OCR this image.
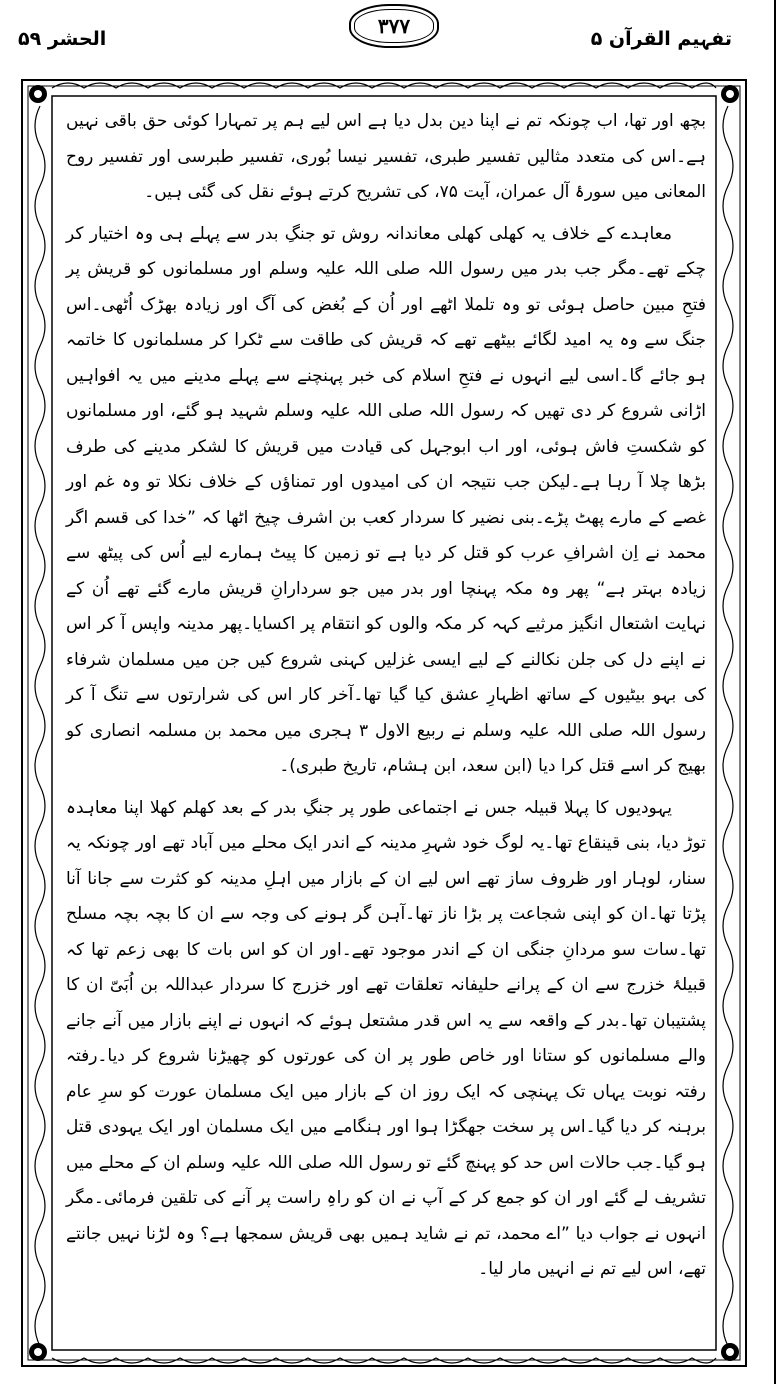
الحشر ۵۹
۳۷۷
تفہیم القرآن ۵

بچھ اور تھا، اب چونکہ تم نے اپنا دین بدل دیا ہے اس لیے ہم پر تمہارا کوئی حق باقی نہیں ہے۔اس کی متعدد مثالیں تفسیر طبری، تفسیر نیسا بُوری، تفسیر طبرسی اور تفسیر روح المعانی میں سورۂ آل عمران، آیت ۷۵، کی تشریح کرتے ہوئے نقل کی گئی ہیں۔

معاہدے کے خلاف یہ کھلی کھلی معاندانہ روش تو جنگِ بدر سے پہلے ہی وہ اختیار کر چکے تھے۔مگر جب بدر میں رسول اللہ صلی اللہ علیہ وسلم اور مسلمانوں کو قریش پر فتحِ مبین حاصل ہوئی تو وہ تلملا اٹھے اور اُن کے بُغض کی آگ اور زیادہ بھڑک اُٹھی۔اس جنگ سے وہ یہ امید لگائے بیٹھے تھے کہ قریش کی طاقت سے ٹکرا کر مسلمانوں کا خاتمہ ہو جائے گا۔اسی لیے انہوں نے فتحِ اسلام کی خبر پہنچنے سے پہلے مدینے میں یہ افواہیں اڑانی شروع کر دی تھیں کہ رسول اللہ صلی اللہ علیہ وسلم شہید ہو گئے، اور مسلمانوں کو شکستِ فاش ہوئی، اور اب ابوجہل کی قیادت میں قریش کا لشکر مدینے کی طرف بڑھا چلا آ رہا ہے۔لیکن جب نتیجہ ان کی امیدوں اور تمناؤں کے خلاف نکلا تو وہ غم اور غصے کے مارے پھٹ پڑے۔بنی نضیر کا سردار کعب بن اشرف چیخ اٹھا کہ ”خدا کی قسم اگر محمد نے اِن اشرافِ عرب کو قتل کر دیا ہے تو زمین کا پیٹ ہمارے لیے اُس کی پیٹھ سے زیادہ بہتر ہے“ پھر وہ مکہ پہنچا اور بدر میں جو سردارانِ قریش مارے گئے تھے اُن کے نہایت اشتعال انگیز مرثیے کہہ کر مکہ والوں کو انتقام پر اکسایا۔پھر مدینہ واپس آ کر اس نے اپنے دل کی جلن نکالنے کے لیے ایسی غزلیں کہنی شروع کیں جن میں مسلمان شرفاء کی بہو بیٹیوں کے ساتھ اظہارِ عشق کیا گیا تھا۔آخر کار اس کی شرارتوں سے تنگ آ کر رسول اللہ صلی اللہ علیہ وسلم نے ربیع الاول ۳ ہجری میں محمد بن مسلمہ انصاری کو بھیج کر اسے قتل کرا دیا (ابن سعد، ابن ہشام، تاریخ طبری)۔

یہودیوں کا پہلا قبیلہ جس نے اجتماعی طور پر جنگِ بدر کے بعد کھلم کھلا اپنا معاہدہ توڑ دیا، بنی قینقاع تھا۔یہ لوگ خود شہرِ مدینہ کے اندر ایک محلے میں آباد تھے اور چونکہ یہ سنار، لوہار اور ظروف ساز تھے اس لیے ان کے بازار میں اہلِ مدینہ کو کثرت سے جانا آنا پڑتا تھا۔ان کو اپنی شجاعت پر بڑا ناز تھا۔آہن گر ہونے کی وجہ سے ان کا بچہ بچہ مسلح تھا۔سات سو مردانِ جنگی ان کے اندر موجود تھے۔اور ان کو اس بات کا بھی زعم تھا کہ قبیلۂ خزرج سے ان کے پرانے حلیفانہ تعلقات تھے اور خزرج کا سردار عبداللہ بن اُبَیّ ان کا پشتیبان تھا۔بدر کے واقعہ سے یہ اس قدر مشتعل ہوئے کہ انہوں نے اپنے بازار میں آنے جانے والے مسلمانوں کو ستانا اور خاص طور پر ان کی عورتوں کو چھیڑنا شروع کر دیا۔رفتہ رفتہ نوبت یہاں تک پہنچی کہ ایک روز ان کے بازار میں ایک مسلمان عورت کو سرِ عام برہنہ کر دیا گیا۔اس پر سخت جھگڑا ہوا اور ہنگامے میں ایک مسلمان اور ایک یہودی قتل ہو گیا۔جب حالات اس حد کو پہنچ گئے تو رسول اللہ صلی اللہ علیہ وسلم ان کے محلے میں تشریف لے گئے اور ان کو جمع کر کے آپ نے ان کو راہِ راست پر آنے کی تلقین فرمائی۔مگر انہوں نے جواب دیا ”اے محمد، تم نے شاید ہمیں بھی قریش سمجھا ہے؟ وہ لڑنا نہیں جانتے تھے، اس لیے تم نے انہیں مار لیا۔
